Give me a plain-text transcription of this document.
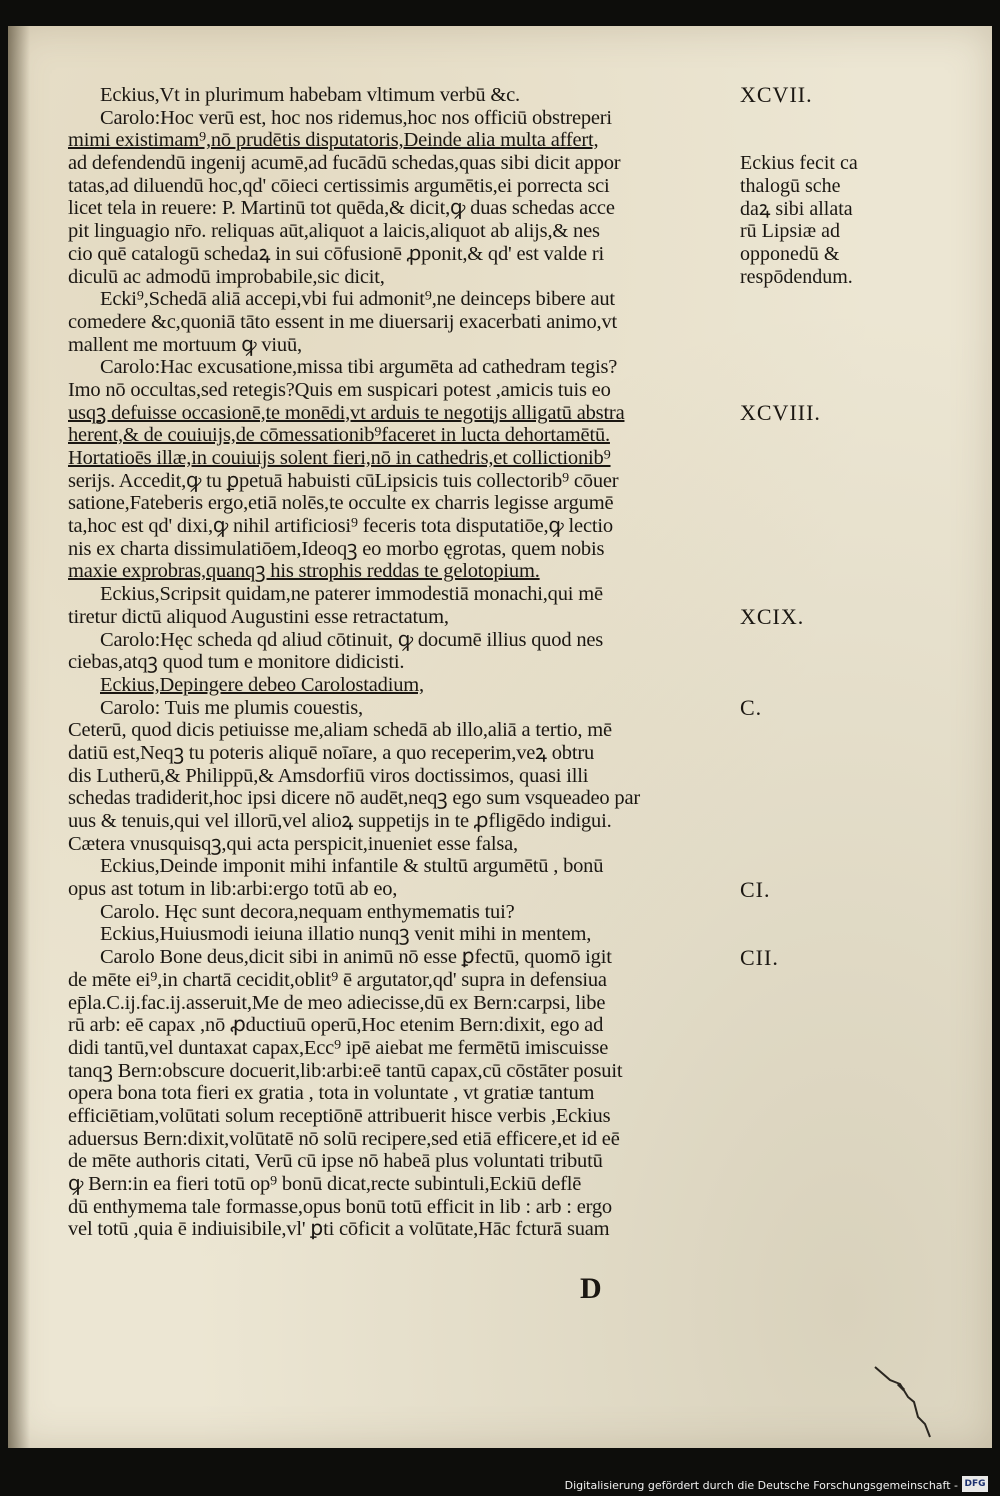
Eckius,Vt in plurimum habebam vltimum verbū &c.
Carolo:Hoc verū est, hoc nos ridemus,hoc nos officiū obstreperi
mimi existimam⁹,nō prudētis disputatoris,Deinde alia multa affert,
ad defendendū ingenij acumē,ad fucādū schedas,quas sibi dicit appor
tatas,ad diluendū hoc,qd' cōieci certissimis argumētis,ei porrecta sci
licet tela in reuere: P. Martinū tot quēda,& dicit,ꝙ duas schedas acce
pit linguagio nr̄o. reliquas aūt,aliquot a laicis,aliquot ab alijs,& nes
cio quē catalogū schedaꝝ in sui cōfusionē ꝓponit,& qd' est valde ri
diculū ac admodū improbabile,sic dicit,
Ecki⁹,Schedā aliā accepi,vbi fui admonit⁹,ne deinceps bibere aut
comedere &c,quoniā tāto essent in me diuersarij exacerbati animo,vt
mallent me mortuum ꝙ viuū,
Carolo:Hac excusatione,missa tibi argumēta ad cathedram tegis?
Imo nō occultas,sed retegis?Quis em suspicari potest ,amicis tuis eo
usqꝫ defuisse occasionē,te monēdi,vt arduis te negotijs alligatū abstra
herent,& de couiuijs,de cōmessationib⁹faceret in lucta dehortamētū.
Hortatioēs illæ,in couiuijs solent fieri,nō in cathedris,et collictionib⁹
serijs. Accedit,ꝙ tu ꝑpetuā habuisti cūLipsicis tuis collectorib⁹ cōuer
satione,Fateberis ergo,etiā nolēs,te occulte ex charris legisse argumē
ta,hoc est qd' dixi,ꝙ nihil artificiosi⁹ feceris tota disputatiōe,ꝙ lectio
nis ex charta dissimulatiōem,Ideoqꝫ eo morbo ęgrotas, quem nobis
maxie exprobras,quanqꝫ his strophis reddas te gelotopium.
Eckius,Scripsit quidam,ne paterer immodestiā monachi,qui mē
tiretur dictū aliquod Augustini esse retractatum,
Carolo:Hęc scheda qd aliud cōtinuit, ꝙ documē illius quod nes
ciebas,atqꝫ quod tum e monitore didicisti.
Eckius,Depingere debeo Carolostadium,
Carolo: Tuis me plumis couestis,
Ceterū, quod dicis petiuisse me,aliam schedā ab illo,aliā a tertio, mē
datiū est,Neqꝫ tu poteris aliquē noīare, a quo receperim,veꝝ obtru
dis Lutherū,& Philippū,& Amsdorfiū viros doctissimos, quasi illi
schedas tradiderit,hoc ipsi dicere nō audēt,neqꝫ ego sum vsqueadeo par
uus & tenuis,qui vel illorū,vel alioꝝ suppetijs in te ꝓfligēdo indigui.
Cætera vnusquisqꝫ,qui acta perspicit,inueniet esse falsa,
Eckius,Deinde imponit mihi infantile & stultū argumētū , bonū
opus ast totum in lib:arbi:ergo totū ab eo,
Carolo. Hęc sunt decora,nequam enthymematis tui?
Eckius,Huiusmodi ieiuna illatio nunqꝫ venit mihi in mentem,
Carolo Bone deus,dicit sibi in animū nō esse ꝑfectū, quomō igit
de mēte ei⁹,in chartā cecidit,oblit⁹ ē argutator,qd' supra in defensiua
ep̄la.C.ij.fac.ij.asseruit,Me de meo adiecisse,dū ex Bern:carpsi, libe
rū arb: eē capax ,nō ꝓductiuū operū,Hoc etenim Bern:dixit, ego ad
didi tantū,vel duntaxat capax,Ecc⁹ ipē aiebat me fermētū imiscuisse
tanqꝫ Bern:obscure docuerit,lib:arbi:eē tantū capax,cū cōstāter posuit
opera bona tota fieri ex gratia , tota in voluntate , vt gratiæ tantum
efficiētiam,volūtati solum receptiōnē attribuerit hisce verbis ,Eckius
aduersus Bern:dixit,volūtatē nō solū recipere,sed etiā efficere,et id eē
de mēte authoris citati, Verū cū ipse nō habeā plus voluntati tributū
ꝙ Bern:in ea fieri totū op⁹ bonū dicat,recte subintuli,Eckiū deflē
dū enthymema tale formasse,opus bonū totū efficit in lib : arb : ergo
vel totū ,quia ē indiuisibile,vl' ꝑti cōficit a volūtate,Hāc fcturā suam
XCVII.
Eckius fecit ca
thalogū sche
daꝝ sibi allata
rū Lipsiæ ad
opponedū &
respōdendum.
XCVIII.
XCIX.
C.
CI.
CII.
D
Digitalisierung gefördert durch die Deutsche Forschungsgemeinschaft - DFG
